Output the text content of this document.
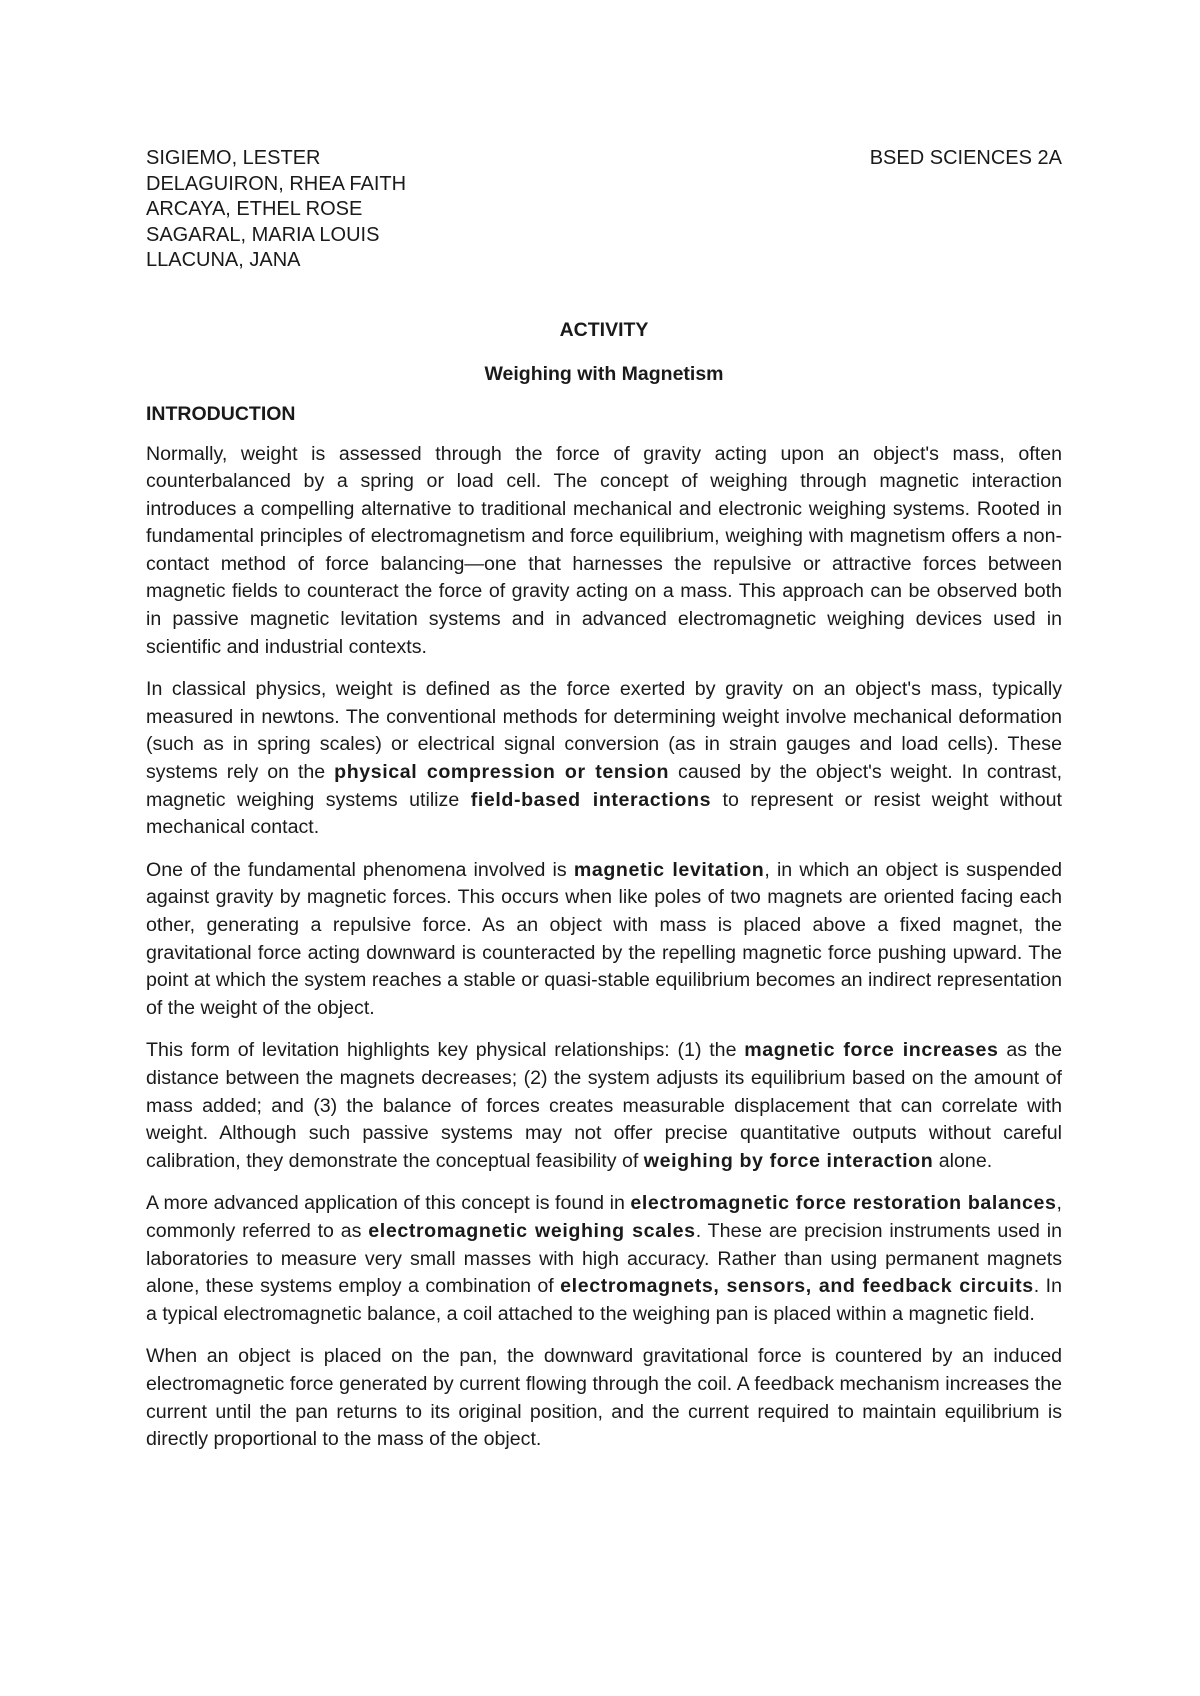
SIGIEMO, LESTER
DELAGUIRON, RHEA FAITH
ARCAYA, ETHEL ROSE
SAGARAL, MARIA LOUIS
LLACUNA, JANA
BSED SCIENCES 2A
ACTIVITY
Weighing with Magnetism
INTRODUCTION

Normally, weight is assessed through the force of gravity acting upon an object's mass, often counterbalanced by a spring or load cell. The concept of weighing through magnetic interaction introduces a compelling alternative to traditional mechanical and electronic weighing systems. Rooted in fundamental principles of electromagnetism and force equilibrium, weighing with magnetism offers a non-contact method of force balancing—one that harnesses the repulsive or attractive forces between magnetic fields to counteract the force of gravity acting on a mass. This approach can be observed both in passive magnetic levitation systems and in advanced electromagnetic weighing devices used in scientific and industrial contexts.

In classical physics, weight is defined as the force exerted by gravity on an object's mass, typically measured in newtons. The conventional methods for determining weight involve mechanical deformation (such as in spring scales) or electrical signal conversion (as in strain gauges and load cells). These systems rely on the physical compression or tension caused by the object's weight. In contrast, magnetic weighing systems utilize field-based interactions to represent or resist weight without mechanical contact.

One of the fundamental phenomena involved is magnetic levitation, in which an object is suspended against gravity by magnetic forces. This occurs when like poles of two magnets are oriented facing each other, generating a repulsive force. As an object with mass is placed above a fixed magnet, the gravitational force acting downward is counteracted by the repelling magnetic force pushing upward. The point at which the system reaches a stable or quasi-stable equilibrium becomes an indirect representation of the weight of the object.

This form of levitation highlights key physical relationships: (1) the magnetic force increases as the distance between the magnets decreases; (2) the system adjusts its equilibrium based on the amount of mass added; and (3) the balance of forces creates measurable displacement that can correlate with weight. Although such passive systems may not offer precise quantitative outputs without careful calibration, they demonstrate the conceptual feasibility of weighing by force interaction alone.

A more advanced application of this concept is found in electromagnetic force restoration balances, commonly referred to as electromagnetic weighing scales. These are precision instruments used in laboratories to measure very small masses with high accuracy. Rather than using permanent magnets alone, these systems employ a combination of electromagnets, sensors, and feedback circuits. In a typical electromagnetic balance, a coil attached to the weighing pan is placed within a magnetic field.

When an object is placed on the pan, the downward gravitational force is countered by an induced electromagnetic force generated by current flowing through the coil. A feedback mechanism increases the current until the pan returns to its original position, and the current required to maintain equilibrium is directly proportional to the mass of the object.
